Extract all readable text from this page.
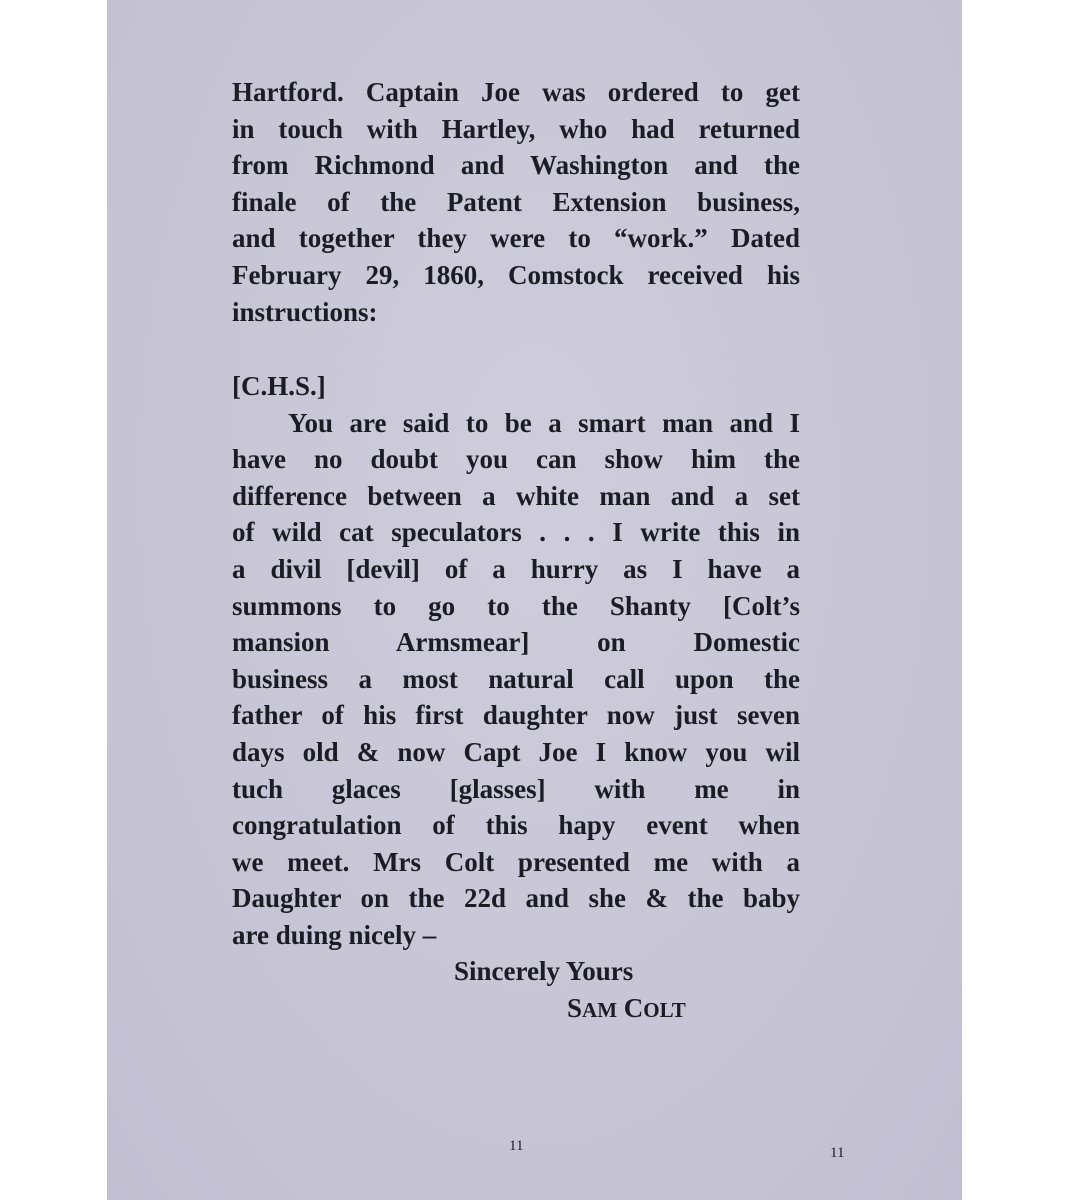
Hartford. Captain Joe was ordered to get
in touch with Hartley, who had returned
from Richmond and Washington and the
finale of the Patent Extension business,
and together they were to “work.” Dated
February 29, 1860, Comstock received his
instructions:
[C.H.S.]
You are said to be a smart man and I
have no doubt you can show him the
difference between a white man and a set
of wild cat speculators . . . I write this in
a divil [devil] of a hurry as I have a
summons to go to the Shanty [Colt’s
mansion Armsmear] on Domestic
business a most natural call upon the
father of his first daughter now just seven
days old & now Capt Joe I know you wil
tuch glaces [glasses] with me in
congratulation of this hapy event when
we meet. Mrs Colt presented me with a
Daughter on the 22d and she & the baby
are duing nicely –
Sincerely Yours
SAM COLT
11	11
